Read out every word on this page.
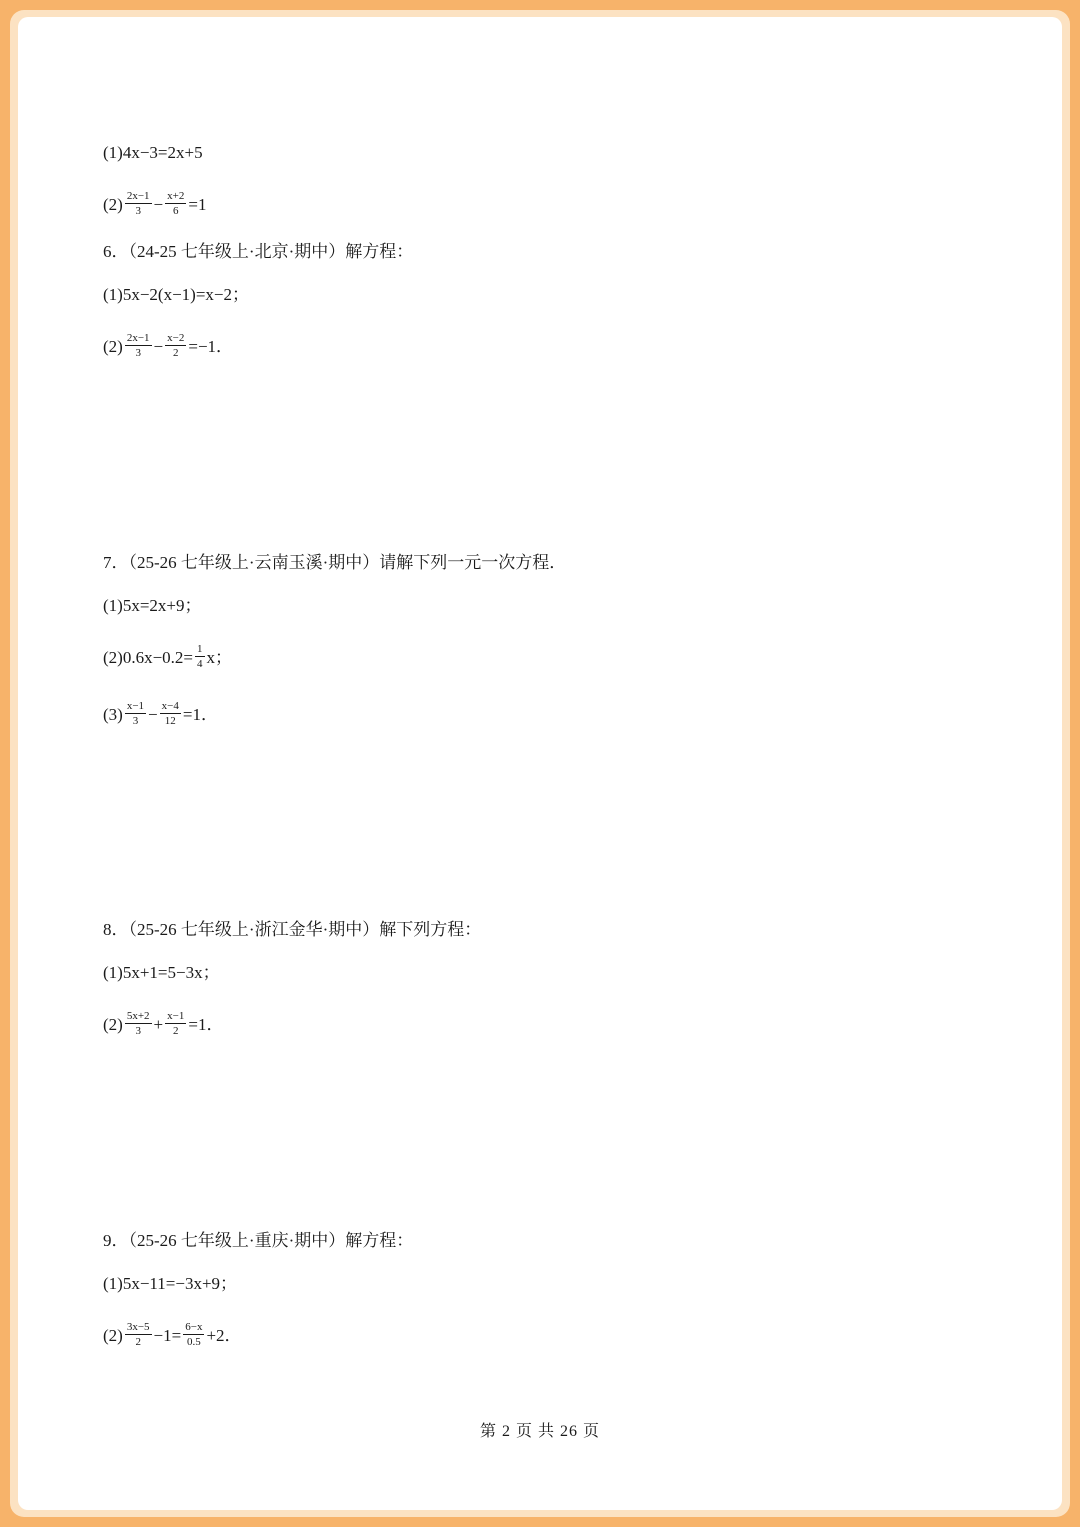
(1)4x−3=2x+5
$(2) \frac{2x-1}{3} - \frac{x+2}{6} =1$
6．（24-25 七年级上·北京·期中）解方程：
(1)5x−2(x−1)=x−2；
$(2) \frac{2x-1}{3} - \frac{x-2}{2} =-1$．
7．（25-26 七年级上·云南玉溪·期中）请解下列一元一次方程．
(1)5x=2x+9；
$(2)0.6x-0.2= \frac{1}{4}$ x；
$(3) \frac{x-1}{3} - \frac{x-4}{12} =1$．
8．（25-26 七年级上·浙江金华·期中）解下列方程：
(1)5x+1=5−3x；
$(2) \frac{5x+2}{3} + \frac{x-1}{2} =1$．
9．（25-26 七年级上·重庆·期中）解方程：
(1)5x−11=−3x+9；
$(2) \frac{3x-5}{2} -1= \frac{6-x}{0.5} +2$．
第 2 页 共 26 页
